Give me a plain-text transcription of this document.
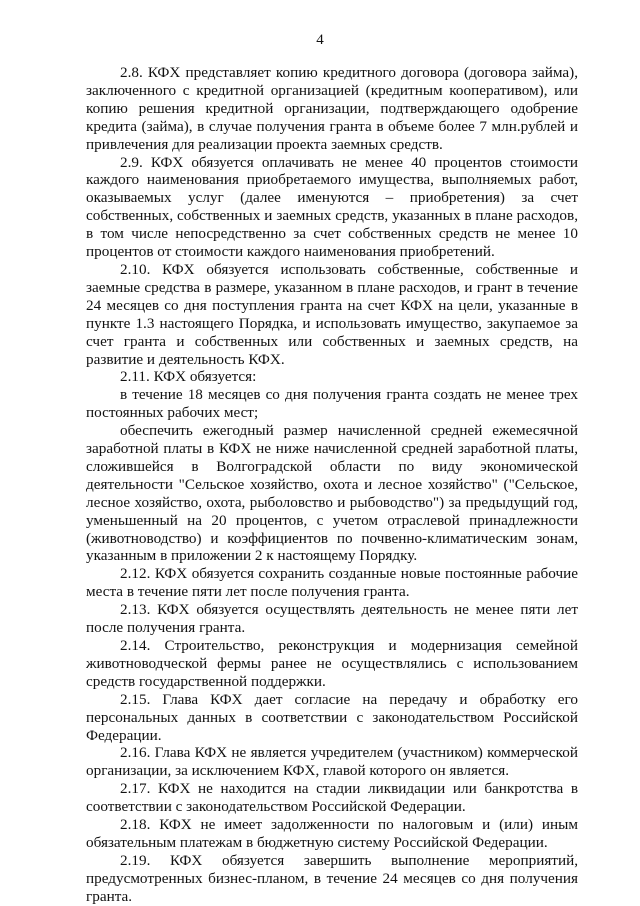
4

2.8. КФХ представляет копию кредитного договора (договора займа), заключенного с кредитной организацией (кредитным кооперативом), или копию решения кредитной организации, подтверждающего одобрение кредита (займа), в случае получения гранта в объеме более 7 млн.рублей и привлечения для реализации проекта заемных средств.

2.9. КФХ обязуется оплачивать не менее 40 процентов стоимости каждого наименования приобретаемого имущества, выполняемых работ, оказываемых услуг (далее именуются – приобретения) за счет собственных, собственных и заемных средств, указанных в плане расходов, в том числе непосредственно за счет собственных средств не менее 10 процентов от стоимости каждого наименования приобретений.

2.10. КФХ обязуется использовать собственные, собственные и заемные средства в размере, указанном в плане расходов, и грант в течение 24 месяцев со дня поступления гранта на счет КФХ на цели, указанные в пункте 1.3 настоящего Порядка, и использовать имущество, закупаемое за счет гранта и собственных или собственных и заемных средств, на развитие и деятельность КФХ.

2.11. КФХ обязуется:

в течение 18 месяцев со дня получения гранта создать не менее трех постоянных рабочих мест;

обеспечить ежегодный размер начисленной средней ежемесячной заработной платы в КФХ не ниже начисленной средней заработной платы, сложившейся в Волгоградской области по виду экономической деятельности "Сельское хозяйство, охота и лесное хозяйство" ("Сельское, лесное хозяйство, охота, рыболовство и рыбоводство") за предыдущий год, уменьшенный на 20 процентов, с учетом отраслевой принадлежности (животноводство) и коэффициентов по почвенно-климатическим зонам, указанным в приложении 2 к настоящему Порядку.

2.12. КФХ обязуется сохранить созданные новые постоянные рабочие места в течение пяти лет после получения гранта.

2.13. КФХ обязуется осуществлять деятельность не менее пяти лет после получения гранта.

2.14. Строительство, реконструкция и модернизация семейной животноводческой фермы ранее не осуществлялись с использованием средств государственной поддержки.

2.15. Глава КФХ дает согласие на передачу и обработку его персональных данных в соответствии с законодательством Российской Федерации.

2.16. Глава КФХ не является учредителем (участником) коммерческой организации, за исключением КФХ, главой которого он является.

2.17. КФХ не находится на стадии ликвидации или банкротства в соответствии с законодательством Российской Федерации.

2.18. КФХ не имеет задолженности по налоговым и (или) иным обязательным платежам в бюджетную систему Российской Федерации.

2.19. КФХ обязуется завершить выполнение мероприятий, предусмотренных бизнес-планом, в течение 24 месяцев со дня получения гранта.
